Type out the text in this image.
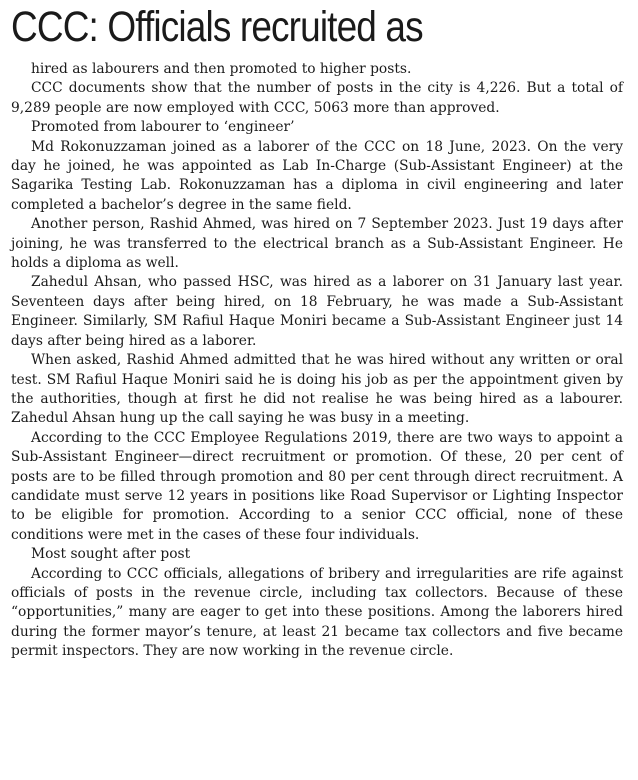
CCC: Officials recruited as

hired as labourers and then promoted to higher posts.

CCC documents show that the number of posts in the city is 4,226. But a total of 9,289 people are now employed with CCC, 5063 more than approved.

Promoted from labourer to ‘engineer’

Md Rokonuzzaman joined as a laborer of the CCC on 18 June, 2023. On the very day he joined, he was appointed as Lab In-Charge (Sub-Assistant Engineer) at the Sagarika Testing Lab. Rokonuzzaman has a diploma in civil engineering and later completed a bachelor’s degree in the same field.

Another person, Rashid Ahmed, was hired on 7 September 2023. Just 19 days after joining, he was transferred to the electrical branch as a Sub-Assistant Engineer. He holds a diploma as well.

Zahedul Ahsan, who passed HSC, was hired as a laborer on 31 January last year. Seventeen days after being hired, on 18 February, he was made a Sub-Assistant Engineer. Similarly, SM Rafiul Haque Moniri became a Sub-Assistant Engineer just 14 days after being hired as a laborer.

When asked, Rashid Ahmed admitted that he was hired without any written or oral test. SM Rafiul Haque Moniri said he is doing his job as per the appointment given by the authorities, though at first he did not realise he was being hired as a labourer. Zahedul Ahsan hung up the call saying he was busy in a meeting.

According to the CCC Employee Regulations 2019, there are two ways to appoint a Sub-Assistant Engineer—direct recruitment or promotion. Of these, 20 per cent of posts are to be filled through promotion and 80 per cent through direct recruitment. A candidate must serve 12 years in positions like Road Supervisor or Lighting Inspector to be eligible for promotion. According to a senior CCC official, none of these conditions were met in the cases of these four individuals.

Most sought after post

According to CCC officials, allegations of bribery and irregularities are rife against officials of posts in the revenue circle, including tax collectors. Because of these “opportunities,” many are eager to get into these positions. Among the laborers hired during the former mayor’s tenure, at least 21 became tax collectors and five became permit inspectors. They are now working in the revenue circle.
